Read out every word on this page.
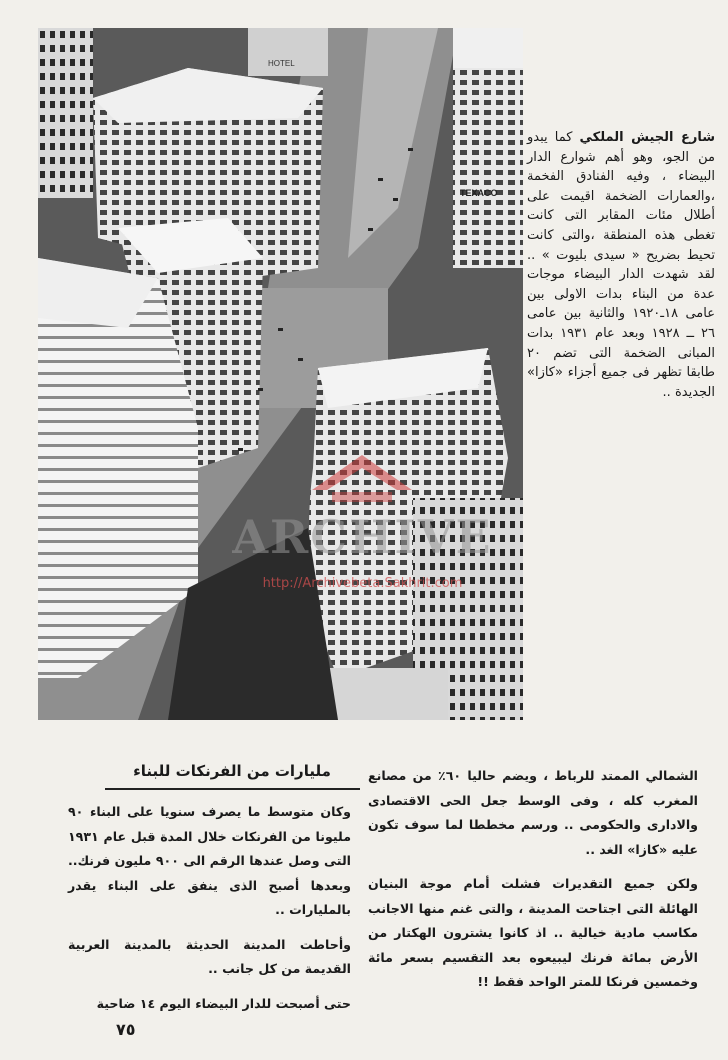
HOTEL
TEXACO
ARCHIVE
http://Archivebeta.Sakhrit.com
شارع الجيش الملكي كما يبدو من الجو، وهو أهم شوارع الدار البيضاء ، وفيه الفنادق الفخمة ،والعمارات الضخمة اقيمت على أطلال مئات المقابر التى كانت تغطى هذه المنطقة ،والتى كانت تحيط بضريح « سيدى بليوت » .. لقد شهدت الدار البيضاء موجات عدة من البناء بدات الاولى بين عامى ١٨ـ١٩٢٠ والثانية بين عامى ٢٦ ــ ١٩٢٨ وبعد عام ١٩٣١ بدات المبانى الضخمة التى تضم ٢٠ طابقا تظهر فى جميع أجزاء «كازا» الجديدة ..

الشمالي الممتد للرباط ، ويضم حاليا ٦٠٪ من مصانع المغرب كله ، وفى الوسط جعل الحى الاقتصادى والادارى والحكومى .. ورسم مخططا لما سوف تكون عليه «كازا» الغد ..

ولكن جميع التقديرات فشلت أمام موجة البنيان الهائلة التى اجتاحت المدينة ، والتى غنم منها الاجانب مكاسب مادية خيالية .. اذ كانوا يشترون الهكتار من الأرض بمائة فرنك ليبيعوه بعد التقسيم بسعر مائة وخمسين فرنكا للمتر الواحد فقط !!

مليارات من الفرنكات للبناء

وكان متوسط ما يصرف سنويا على البناء ٩٠ مليونا من الفرنكات خلال المدة قبل عام ١٩٣١ التى وصل عندها الرقم الى ٩٠٠ مليون فرنك.. وبعدها أصبح الذى ينفق على البناء يقدر بالمليارات ..

وأحاطت المدينة الحديثة بالمدينة العربية القديمة من كل جانب ..

حتى أصبحت للدار البيضاء اليوم ١٤ ضاحية

٧٥
